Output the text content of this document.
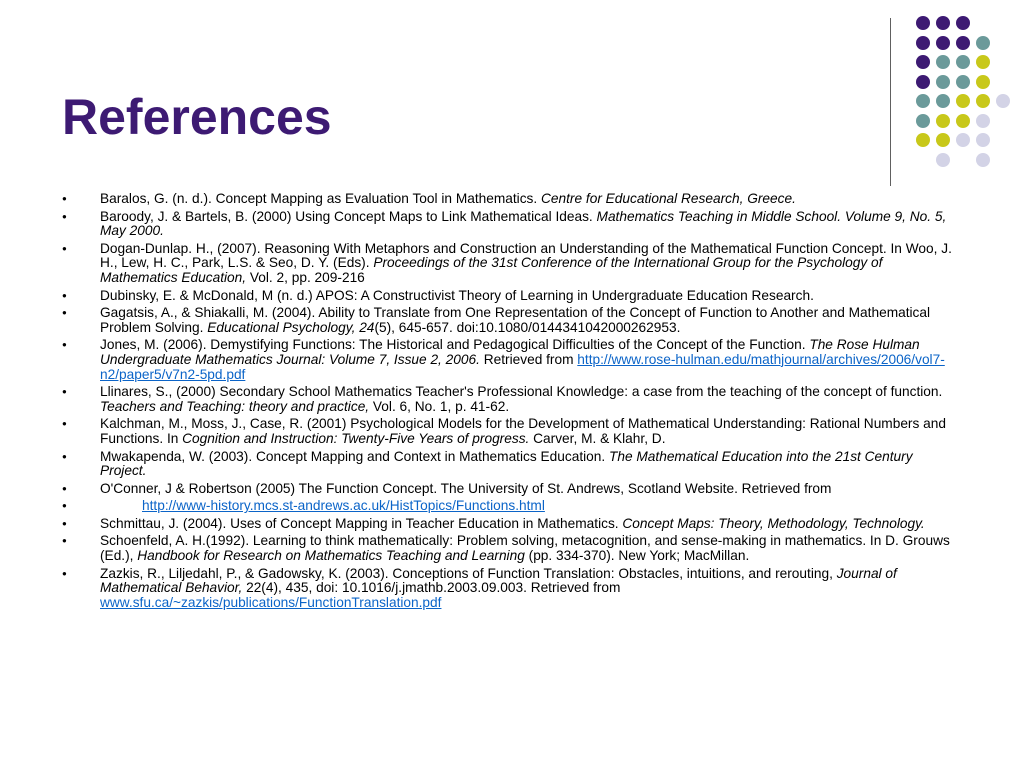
References
● Baralos, G. (n. d.). Concept Mapping as Evaluation Tool in Mathematics. Centre for Educational Research, Greece.
● Baroody, J. & Bartels, B. (2000) Using Concept Maps to Link Mathematical Ideas. Mathematics Teaching in Middle School. Volume 9, No. 5, May 2000.
● Dogan-Dunlap. H., (2007). Reasoning With Metaphors and Construction an Understanding of the Mathematical Function Concept. In Woo, J. H., Lew, H. C., Park, L.S. & Seo, D. Y. (Eds). Proceedings of the 31st Conference of the International Group for the Psychology of Mathematics Education, Vol. 2, pp. 209-216
● Dubinsky, E. & McDonald, M (n. d.) APOS: A Constructivist Theory of Learning in Undergraduate Education Research.
● Gagatsis, A., & Shiakalli, M. (2004). Ability to Translate from One Representation of the Concept of Function to Another and Mathematical Problem Solving. Educational Psychology, 24(5), 645-657. doi:10.1080/0144341042000262953.
● Jones, M. (2006). Demystifying Functions: The Historical and Pedagogical Difficulties of the Concept of the Function. The Rose Hulman Undergraduate Mathematics Journal: Volume 7, Issue 2, 2006. Retrieved from http://www.rose-hulman.edu/mathjournal/archives/2006/vol7-n2/paper5/v7n2-5pd.pdf
● Llinares, S., (2000) Secondary School Mathematics Teacher's Professional Knowledge: a case from the teaching of the concept of function. Teachers and Teaching: theory and practice, Vol. 6, No. 1, p. 41-62.
● Kalchman, M., Moss, J., Case, R. (2001) Psychological Models for the Development of Mathematical Understanding: Rational Numbers and Functions. In Cognition and Instruction: Twenty-Five Years of progress. Carver, M. & Klahr, D.
● Mwakapenda, W. (2003). Concept Mapping and Context in Mathematics Education. The Mathematical Education into the 21st Century Project.
● O'Conner, J & Robertson (2005) The Function Concept. The University of St. Andrews, Scotland Website. Retrieved from
● http://www-history.mcs.st-andrews.ac.uk/HistTopics/Functions.html
● Schmittau, J. (2004). Uses of Concept Mapping in Teacher Education in Mathematics. Concept Maps: Theory, Methodology, Technology.
● Schoenfeld, A. H.(1992). Learning to think mathematically: Problem solving, metacognition, and sense-making in mathematics. In D. Grouws (Ed.), Handbook for Research on Mathematics Teaching and Learning (pp. 334-370). New York; MacMillan.
● Zazkis, R., Liljedahl, P., & Gadowsky, K. (2003). Conceptions of Function Translation: Obstacles, intuitions, and rerouting, Journal of Mathematical Behavior, 22(4), 435, doi: 10.1016/j.jmathb.2003.09.003. Retrieved from www.sfu.ca/~zazkis/publications/FunctionTranslation.pdf
